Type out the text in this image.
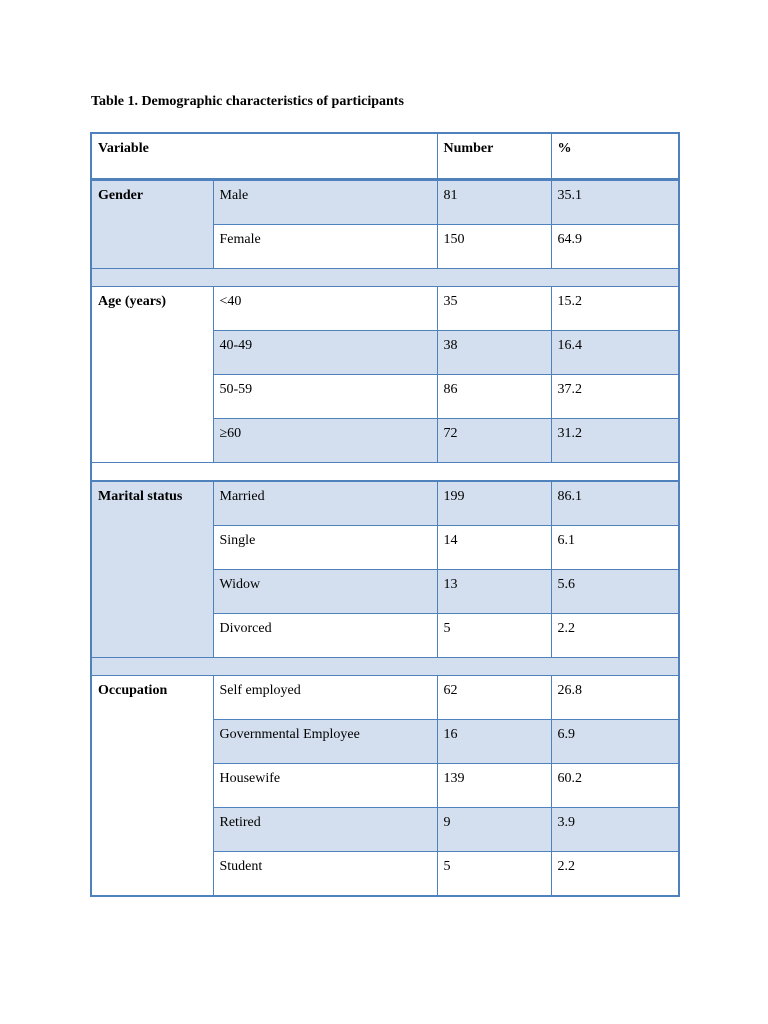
Table 1. Demographic characteristics of participants
Variable		Number	%
Gender	Male	81	35.1
	Female	150	64.9

Age (years)	<40	35	15.2
	40-49	38	16.4
	50-59	86	37.2
	≥60	72	31.2

Marital status	Married	199	86.1
	Single	14	6.1
	Widow	13	5.6
	Divorced	5	2.2

Occupation	Self employed	62	26.8
	Governmental Employee	16	6.9
	Housewife	139	60.2
	Retired	9	3.9
	Student	5	2.2
